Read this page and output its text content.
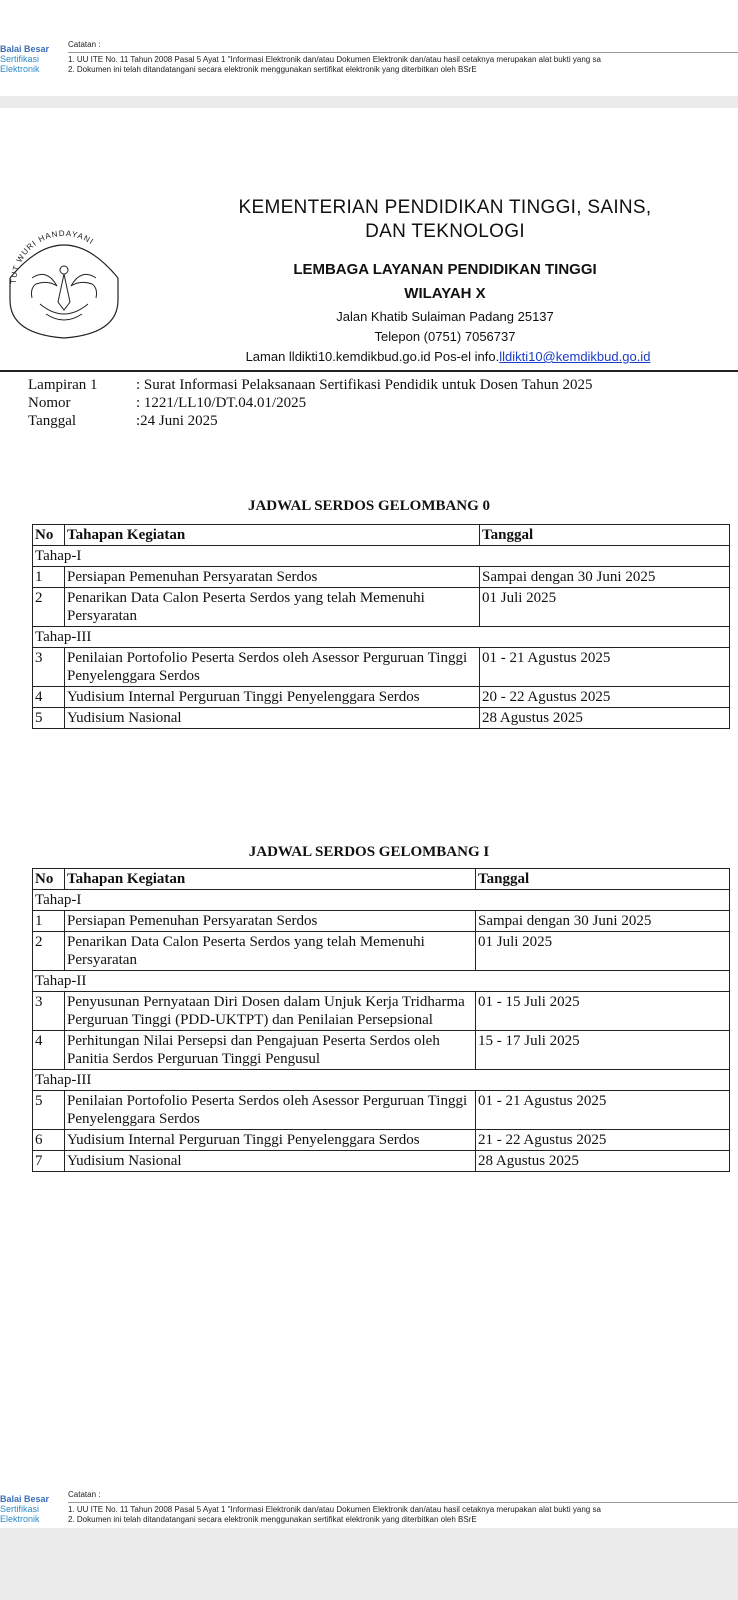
Balai Besar
Sertifikasi
Elektronik
Catatan :
1. UU ITE No. 11 Tahun 2008 Pasal 5 Ayat 1 "Informasi Elektronik dan/atau Dokumen Elektronik dan/atau hasil cetaknya merupakan alat bukti yang sa
2. Dokumen ini telah ditandatangani secara elektronik menggunakan sertifikat elektronik yang diterbitkan oleh BSrE
TUT WURI HANDAYANI
KEMENTERIAN PENDIDIKAN TINGGI, SAINS,
DAN TEKNOLOGI
LEMBAGA LAYANAN PENDIDIKAN TINGGI
WILAYAH X
Jalan Khatib Sulaiman Padang 25137
Telepon (0751) 7056737
Laman lldikti10.kemdikbud.go.id Pos-el info.lldikti10@kemdikbud.go.id
Lampiran 1	: Surat Informasi Pelaksanaan Sertifikasi Pendidik untuk Dosen Tahun 2025
Nomor	: 1221/LL10/DT.04.01/2025
Tanggal	:24 Juni 2025
JADWAL SERDOS GELOMBANG 0
No	Tahapan Kegiatan	Tanggal
Tahap-I		
1	Persiapan Pemenuhan Persyaratan Serdos	Sampai dengan 30 Juni 2025
2	Penarikan Data Calon Peserta Serdos yang telah Memenuhi Persyaratan	01 Juli 2025
Tahap-III		
3	Penilaian Portofolio Peserta Serdos oleh Asessor Perguruan Tinggi Penyelenggara Serdos	01 - 21 Agustus 2025
4	Yudisium Internal Perguruan Tinggi Penyelenggara Serdos	20 - 22 Agustus 2025
5	Yudisium Nasional	28 Agustus 2025
JADWAL SERDOS GELOMBANG I
No	Tahapan Kegiatan	Tanggal
Tahap-I		
1	Persiapan Pemenuhan Persyaratan Serdos	Sampai dengan 30 Juni 2025
2	Penarikan Data Calon Peserta Serdos yang telah Memenuhi Persyaratan	01 Juli 2025
Tahap-II		
3	Penyusunan Pernyataan Diri Dosen dalam Unjuk Kerja Tridharma Perguruan Tinggi (PDD-UKTPT) dan Penilaian Persepsional	01 - 15 Juli 2025
4	Perhitungan Nilai Persepsi dan Pengajuan Peserta Serdos oleh Panitia Serdos Perguruan Tinggi Pengusul	15 - 17 Juli 2025
Tahap-III		
5	Penilaian Portofolio Peserta Serdos oleh Asessor Perguruan Tinggi Penyelenggara Serdos	01 - 21 Agustus 2025
6	Yudisium Internal Perguruan Tinggi Penyelenggara Serdos	21 - 22 Agustus 2025
7	Yudisium Nasional	28 Agustus 2025
Balai Besar
Sertifikasi
Elektronik
Catatan :
1. UU ITE No. 11 Tahun 2008 Pasal 5 Ayat 1 "Informasi Elektronik dan/atau Dokumen Elektronik dan/atau hasil cetaknya merupakan alat bukti yang sa
2. Dokumen ini telah ditandatangani secara elektronik menggunakan sertifikat elektronik yang diterbitkan oleh BSrE
